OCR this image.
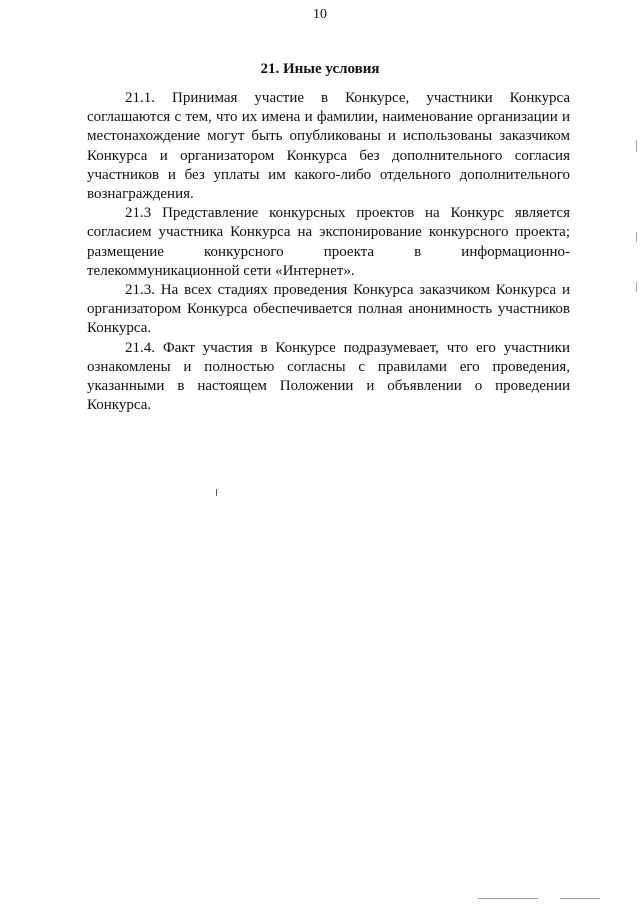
10
21. Иные условия

21.1. Принимая участие в Конкурсе, участники Конкурса соглашаются с тем, что их имена и фамилии, наименование организации и местонахождение могут быть опубликованы и использованы заказчиком Конкурса и организатором Конкурса без дополнительного согласия участников и без уплаты им какого-либо отдельного дополнительного вознаграждения.

21.3 Представление конкурсных проектов на Конкурс является согласием участника Конкурса на экспонирование конкурсного проекта; размещение конкурсного проекта в информационно-телекоммуникационной сети «Интернет».

21.3. На всех стадиях проведения Конкурса заказчиком Конкурса и организатором Конкурса обеспечивается полная анонимность участников Конкурса.

21.4. Факт участия в Конкурсе подразумевает, что его участники ознакомлены и полностью согласны с правилами его проведения, указанными в настоящем Положении и объявлении о проведении Конкурса.
